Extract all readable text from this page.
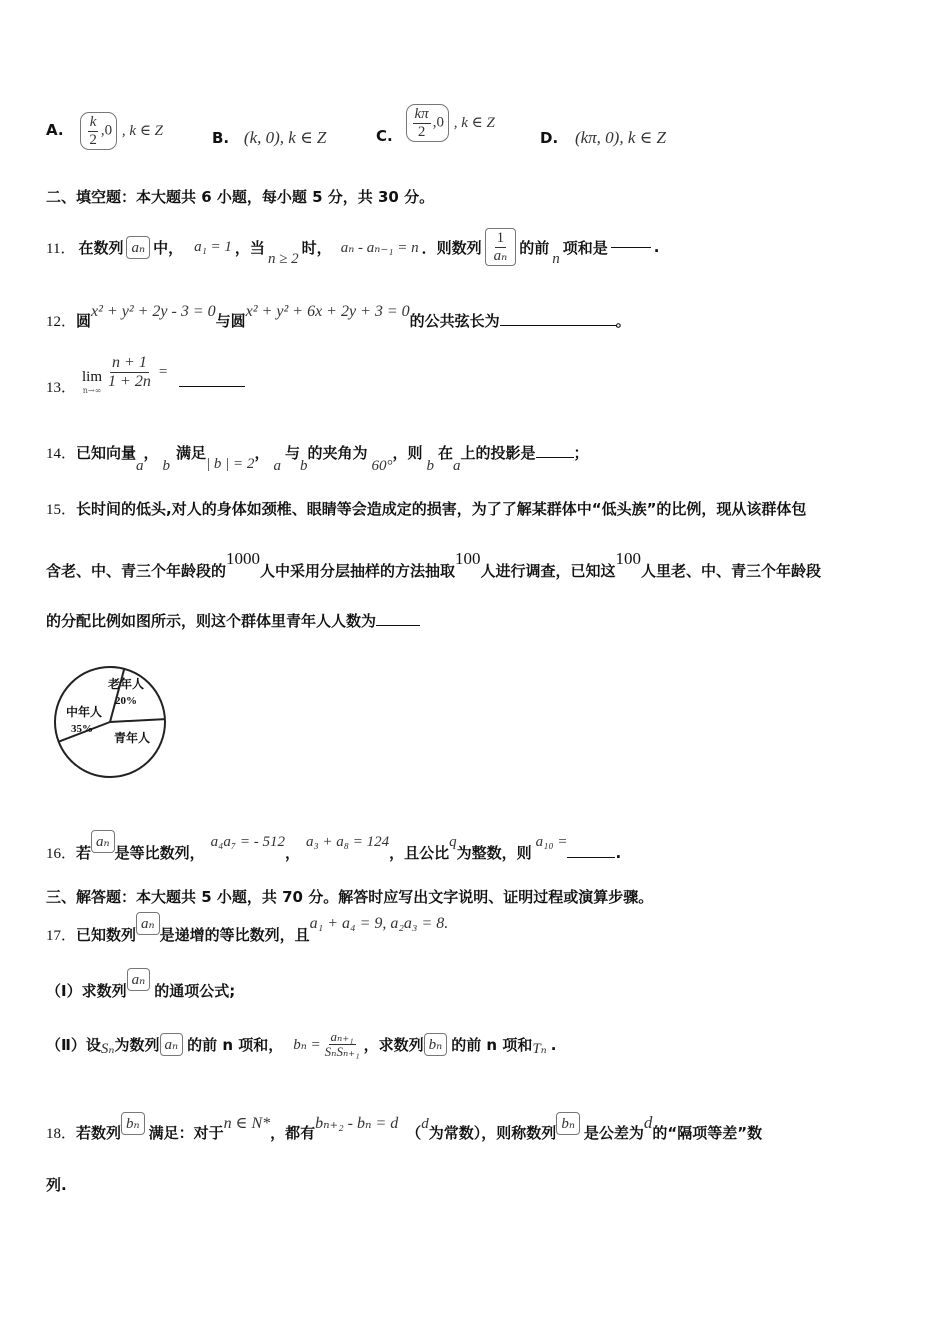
A. $\frac{k}{2} ,0$ , k ∈ Z	B. (k, 0), k ∈ Z	C. $\frac{k\pi}{2} ,0$ , k ∈ Z
D. (kπ, 0), k ∈ Z
二、填空题：本大题共 6 小题，每小题 5 分，共 30 分。
11． 在数列 aₙ 中， a₁ = 1 ，当
n ≥ 2
时， aₙ - aₙ₋₁ = n ．则数列 $\frac{1}{\text{aₙ}}$ 的前
n
项和是	.
12．圆x² + y² + 2y - 3 = 0与圆x² + y² + 6x + 2y + 3 = 0的公共弦长为	。
13．
lim
n→∞
$\frac{n + 1}{1 + 2n}$ =
14．已知向量a，b满足| b | = 2，a与b的夹角为60°，则b在a上的投影是	；
15．长时间的低头,对人的身体如颈椎、眼睛等会造成定的损害，为了了解某群体中“低头族”的比例，现从该群体包
含老、中、青三个年龄段的1000人中采用分层抽样的方法抽取100人进行调查，已知这100人里老、中、青三个年龄段
的分配比例如图所示，则这个群体里青年人人数为
老年人
20%
中年人
35%
青年人
16．若aₙ是等比数列，a₄a₇ = - 512，a₃ + a₈ = 124，且公比q为整数，则a₁₀ =.
三、解答题：本大题共 5 小题，共 70 分。解答时应写出文字说明、证明过程或演算步骤。
17．已知数列aₙ是递增的等比数列，且a₁ + a₄ = 9, a₂a₃ = 8.
（Ⅰ）求数列aₙ的通项公式;
（Ⅱ）设 Sₙ 为数列 aₙ 的前 n 项和， $b_n = \frac{\text{aₙ₊₁}}{\text{SₙSₙ₊₁}}$ ，求数列 bₙ 的前 n 项和 Tₙ .
18．若数列 bₙ 满足：对于n ∈ N*，都有bₙ₊₂ - bₙ = d（d为常数），则称数列 bₙ 是公差为d的“隔项等差”数
列.
